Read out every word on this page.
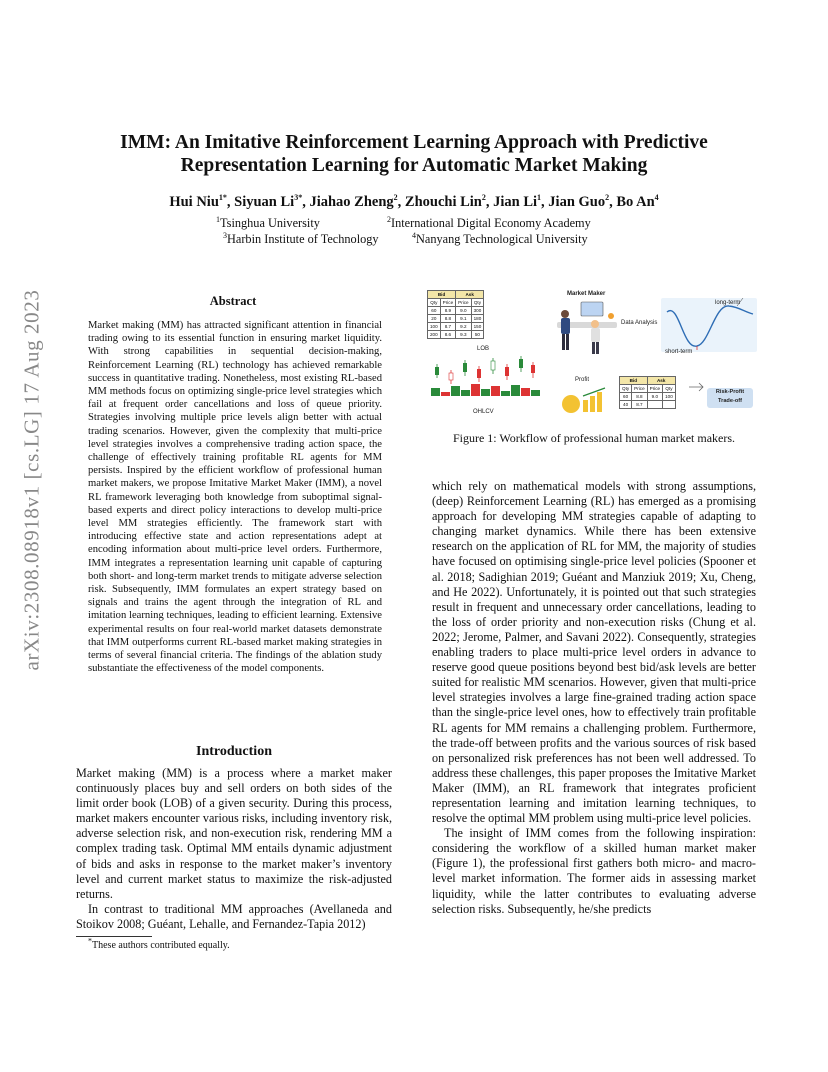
arXiv:2308.08918v1 [cs.LG] 17 Aug 2023
IMM: An Imitative Reinforcement Learning Approach with Predictive
Representation Learning for Automatic Market Making
Hui Niu$^{1*}$, Siyuan $Li^{3*}$, Jiahao Zheng$^2$, Zhouchi Lin$^2$, Jian Li$^1$, Jian Guo$^2$, Bo An$^4$
$^1$Tsinghua University	$^2$International Digital Economy Academy
$^3$Harbin Institute of Technology	$^4$Nanyang Technological University
Abstract
Market making (MM) has attracted significant attention in financial trading owing to its essential function in ensuring market liquidity. With strong capabilities in sequential decision-making, Reinforcement Learning (RL) technology has achieved remarkable success in quantitative trading. Nonetheless, most existing RL-based MM methods focus on optimizing single-price level strategies which fail at frequent order cancellations and loss of queue priority. Strategies involving multiple price levels align better with actual trading scenarios. However, given the complexity that multi-price level strategies involves a comprehensive trading action space, the challenge of effectively training profitable RL agents for MM persists. Inspired by the efficient workflow of professional human market makers, we propose Imitative Market Maker (IMM), a novel RL framework leveraging both knowledge from suboptimal signal-based experts and direct policy interactions to develop multi-price level MM strategies efficiently. The framework start with introducing effective state and action representations adept at encoding information about multi-price level orders. Furthermore, IMM integrates a representation learning unit capable of capturing both short- and long-term market trends to mitigate adverse selection risk. Subsequently, IMM formulates an expert strategy based on signals and trains the agent through the integration of RL and imitation learning techniques, leading to efficient learning. Extensive experimental results on four real-world market datasets demonstrate that IMM outperforms current RL-based market making strategies in terms of several financial criteria. The findings of the ablation study substantiate the effectiveness of the model components.
Introduction

Market making (MM) is a process where a market maker continuously places buy and sell orders on both sides of the limit order book (LOB) of a given security. During this process, market makers encounter various risks, including inventory risk, adverse selection risk, and non-execution risk, rendering MM a complex trading task. Optimal MM entails dynamic adjustment of bids and asks in response to the market maker’s inventory level and current market status to maximize the risk-adjusted returns.

In contrast to traditional MM approaches (Avellaneda and Stoikov 2008; Guéant, Lehalle, and Fernandez-Tapia 2012)

*These authors contributed equally.
Bid		Ask	
Qty	Price	Price	Qty
60	8.9	9.0	300
20	8.8	9.1	180
100	8.7	9.2	150
200	8.6	9.3	50
LOB
OHLCV
Market Maker
Data Analysis
long-term
short-term
Profit	Bid		Ask	
Qty	Price	Price	Qty
60	8.8	9.0	100
40	8.7		
Risk-Profit
Trade-off
Figure 1: Workflow of professional human market makers.

which rely on mathematical models with strong assumptions, (deep) Reinforcement Learning (RL) has emerged as a promising approach for developing MM strategies capable of adapting to changing market dynamics. While there has been extensive research on the application of RL for MM, the majority of studies have focused on optimising single-price level policies (Spooner et al. 2018; Sadighian 2019; Guéant and Manziuk 2019; Xu, Cheng, and He 2022). Unfortunately, it is pointed out that such strategies result in frequent and unnecessary order cancellations, leading to the loss of order priority and non-execution risks (Chung et al. 2022; Jerome, Palmer, and Savani 2022). Consequently, strategies enabling traders to place multi-price level orders in advance to reserve good queue positions beyond best bid/ask levels are better suited for realistic MM scenarios. However, given that multi-price level strategies involves a large fine-grained trading action space than the single-price level ones, how to effectively train profitable RL agents for MM remains a challenging problem. Furthermore, the trade-off between profits and the various sources of risk based on personalized risk preferences has not been well addressed. To address these challenges, this paper proposes the Imitative Market Maker (IMM), an RL framework that integrates proficient representation learning and imitation learning techniques, to resolve the optimal MM problem using multi-price level policies.

The insight of IMM comes from the following inspiration: considering the workflow of a skilled human market maker (Figure 1), the professional first gathers both micro- and macro-level market information. The former aids in assessing market liquidity, while the latter contributes to evaluating adverse selection risks. Subsequently, he/she predicts
